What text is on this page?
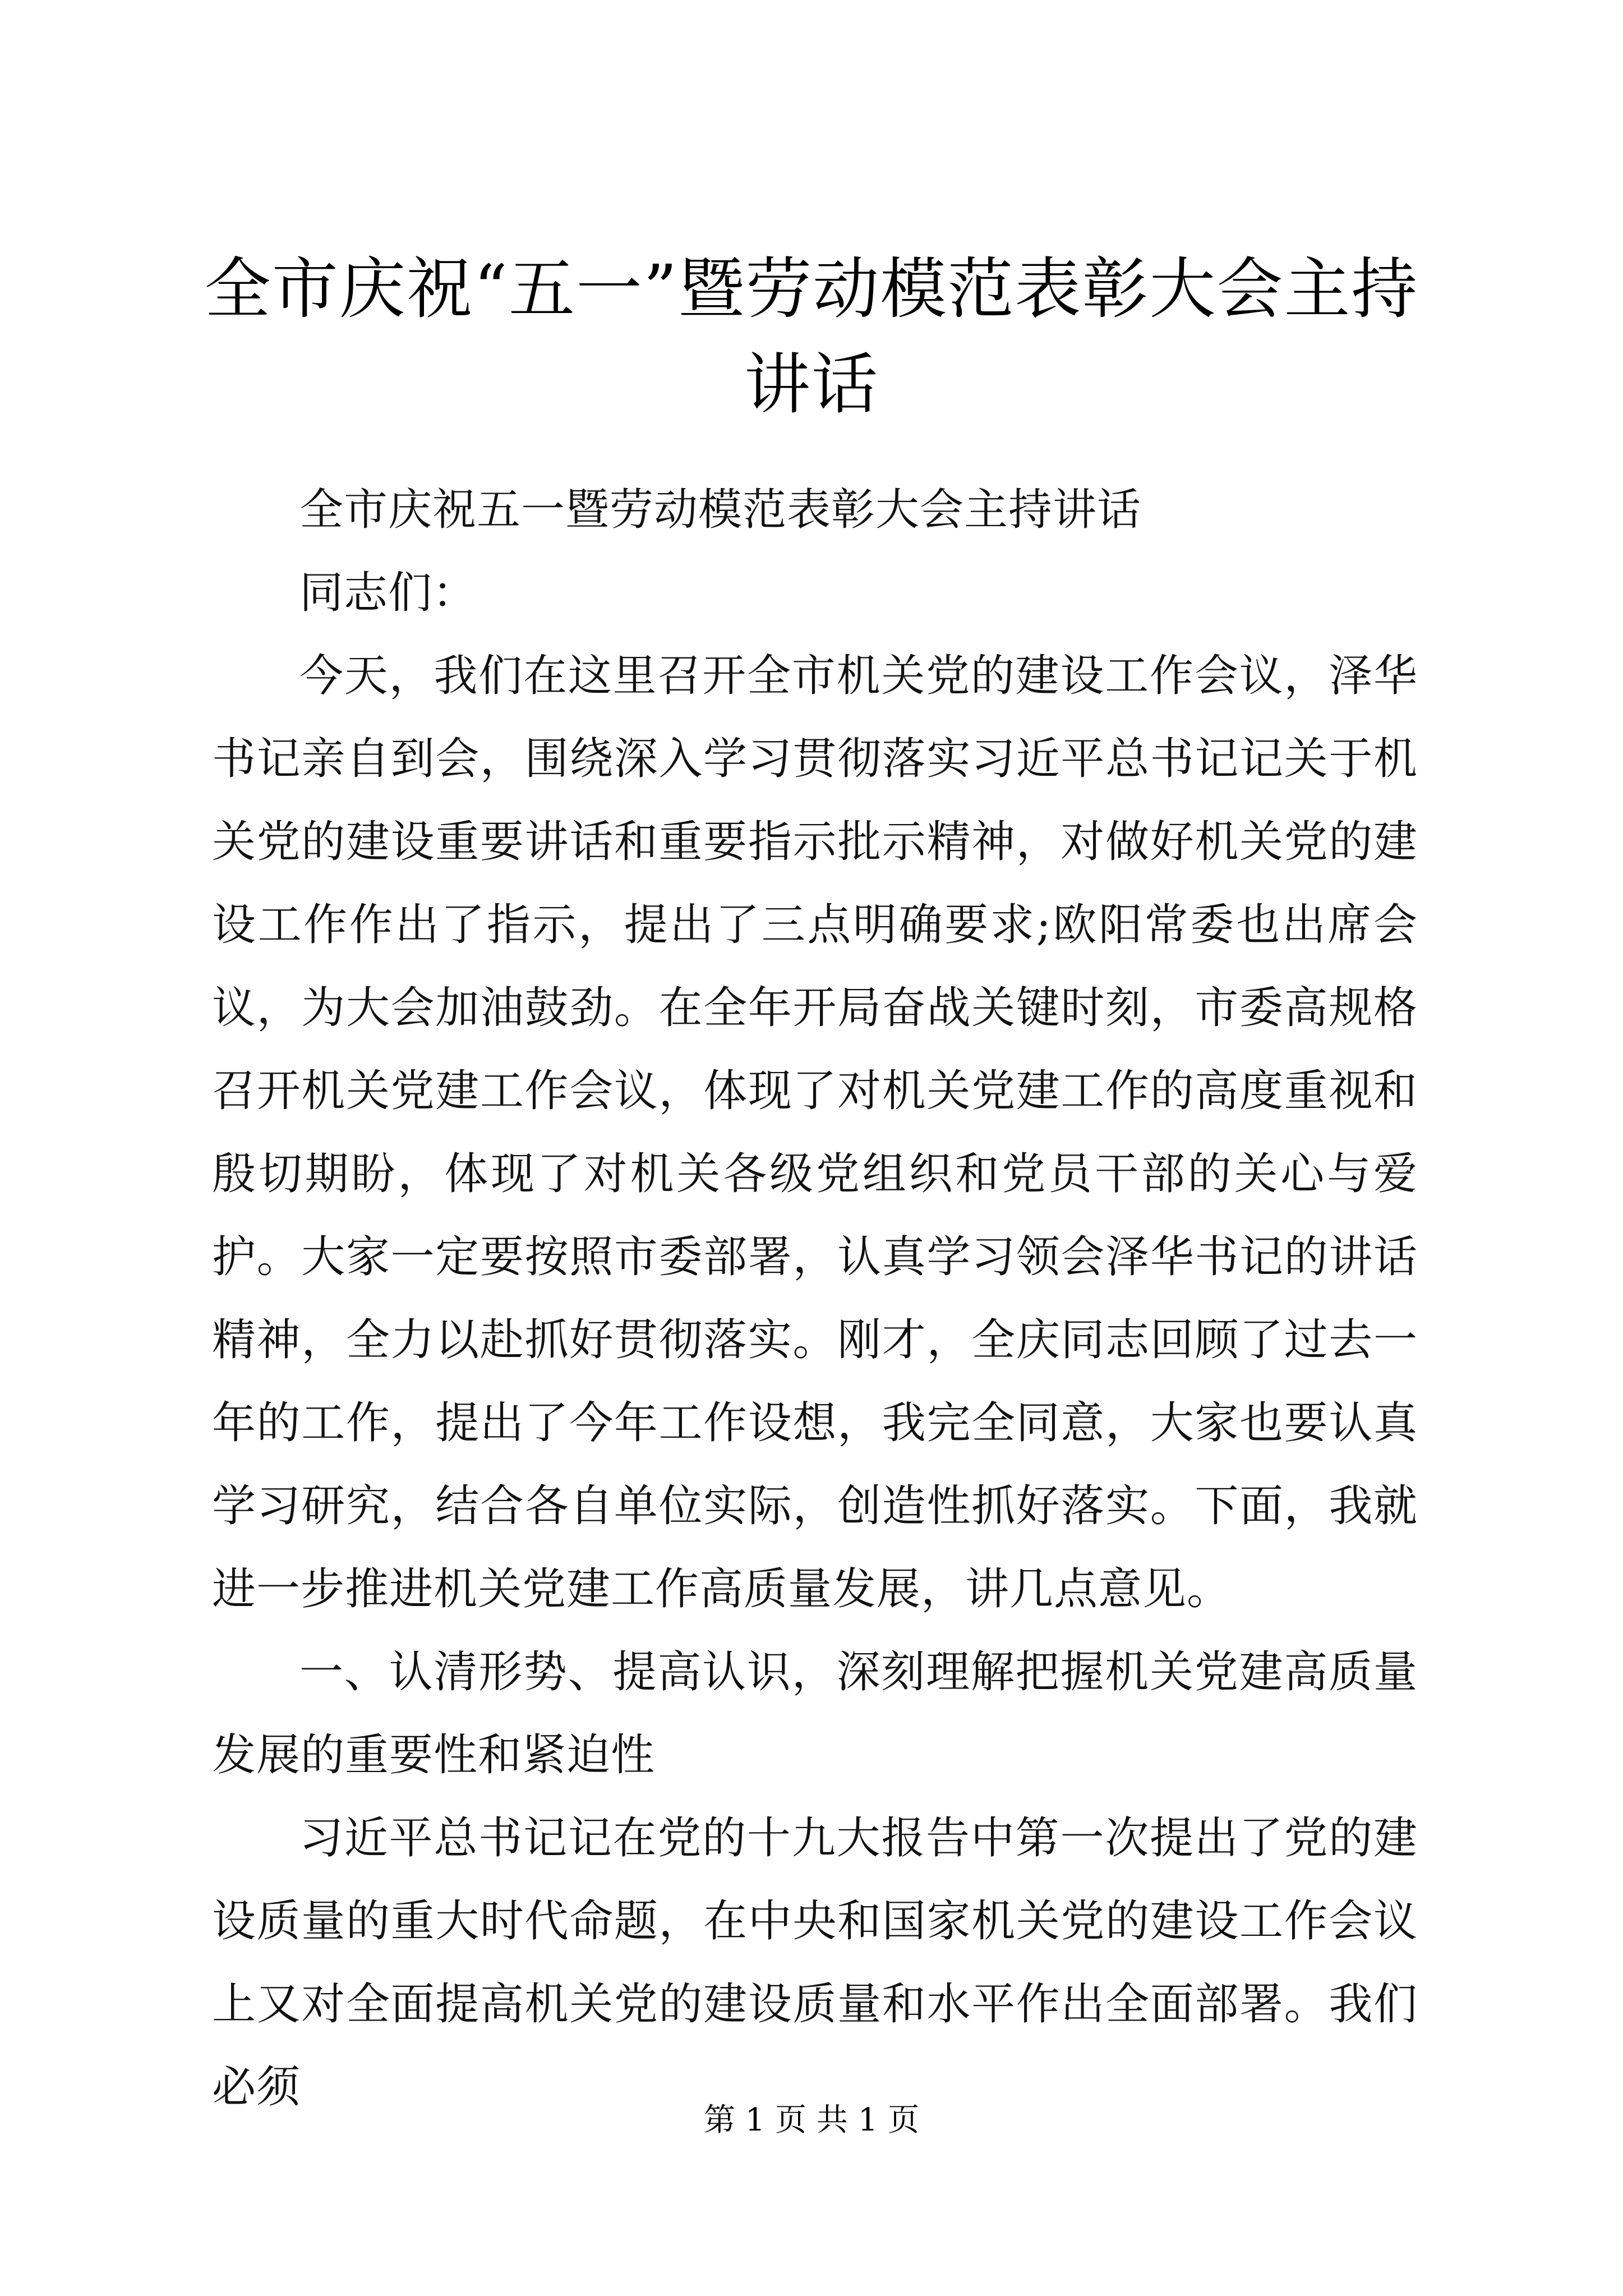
全市庆祝“五一”暨劳动模范表彰大会主持讲话

全市庆祝五一暨劳动模范表彰大会主持讲话

同志们：

今天，我们在这里召开全市机关党的建设工作会议，泽华书记亲自到会，围绕深入学习贯彻落实习近平总书记记关于机关党的建设重要讲话和重要指示批示精神，对做好机关党的建设工作作出了指示，提出了三点明确要求;欧阳常委也出席会议，为大会加油鼓劲。在全年开局奋战关键时刻，市委高规格召开机关党建工作会议，体现了对机关党建工作的高度重视和殷切期盼，体现了对机关各级党组织和党员干部的关心与爱护。大家一定要按照市委部署，认真学习领会泽华书记的讲话精神，全力以赴抓好贯彻落实。刚才，全庆同志回顾了过去一年的工作，提出了今年工作设想，我完全同意，大家也要认真学习研究，结合各自单位实际，创造性抓好落实。下面，我就进一步推进机关党建工作高质量发展，讲几点意见。

一、认清形势、提高认识，深刻理解把握机关党建高质量发展的重要性和紧迫性

习近平总书记记在党的十九大报告中第一次提出了党的建设质量的重大时代命题，在中央和国家机关党的建设工作会议上又对全面提高机关党的建设质量和水平作出全面部署。我们必须

第 1 页 共 1 页
